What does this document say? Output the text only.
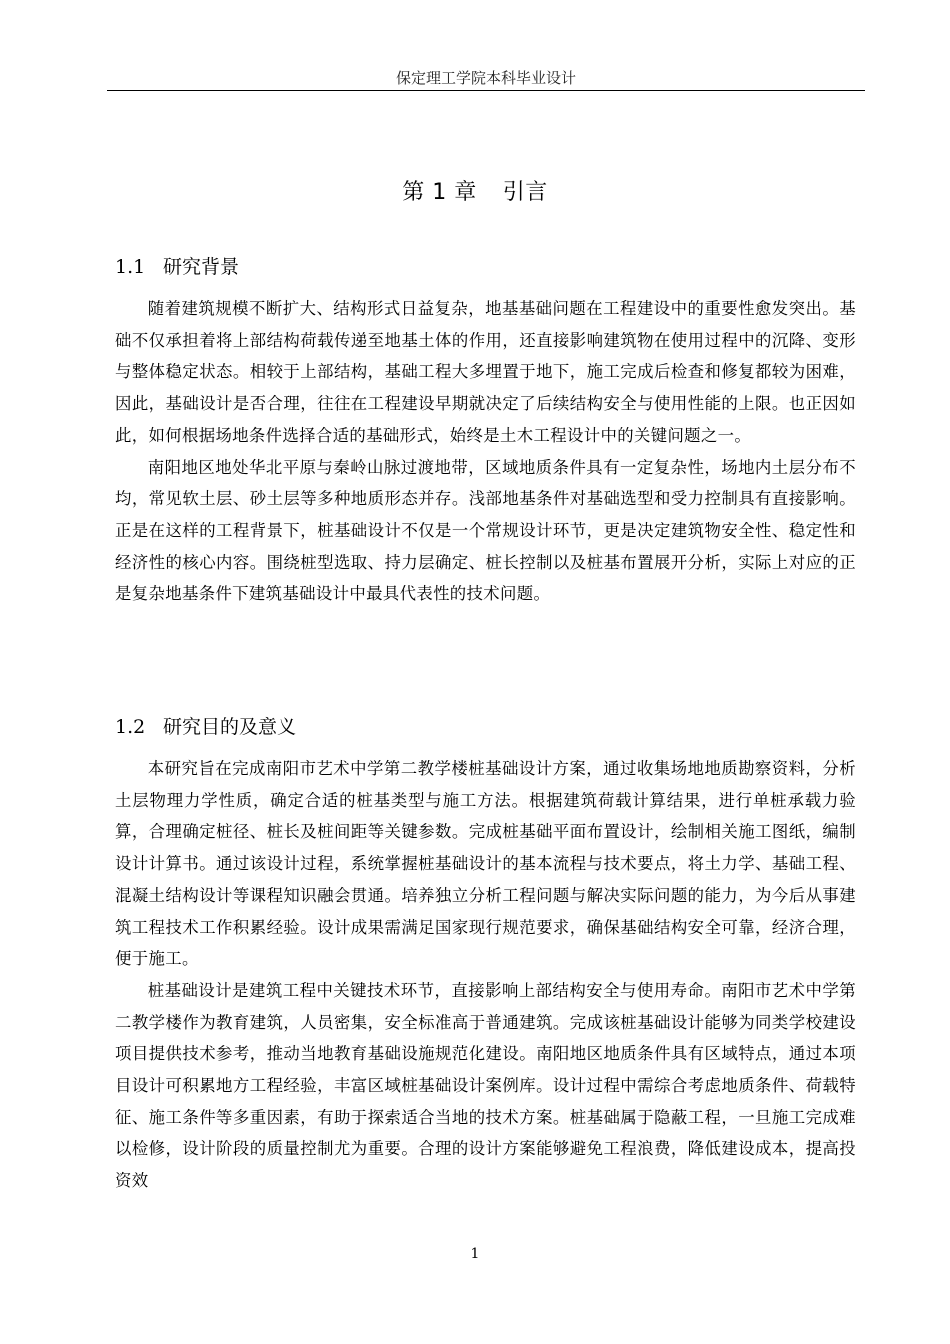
保定理工学院本科毕业设计
第 1 章 引言
1.1 研究背景

随着建筑规模不断扩大、结构形式日益复杂，地基基础问题在工程建设中的重要性愈发突出。基础不仅承担着将上部结构荷载传递至地基土体的作用，还直接影响建筑物在使用过程中的沉降、变形与整体稳定状态。相较于上部结构，基础工程大多埋置于地下，施工完成后检查和修复都较为困难，因此，基础设计是否合理，往往在工程建设早期就决定了后续结构安全与使用性能的上限。也正因如此，如何根据场地条件选择合适的基础形式，始终是土木工程设计中的关键问题之一。

南阳地区地处华北平原与秦岭山脉过渡地带，区域地质条件具有一定复杂性，场地内土层分布不均，常见软土层、砂土层等多种地质形态并存。浅部地基条件对基础选型和受力控制具有直接影响。正是在这样的工程背景下，桩基础设计不仅是一个常规设计环节，更是决定建筑物安全性、稳定性和经济性的核心内容。围绕桩型选取、持力层确定、桩长控制以及桩基布置展开分析，实际上对应的正是复杂地基条件下建筑基础设计中最具代表性的技术问题。

1.2 研究目的及意义

本研究旨在完成南阳市艺术中学第二教学楼桩基础设计方案，通过收集场地地质勘察资料，分析土层物理力学性质，确定合适的桩基类型与施工方法。根据建筑荷载计算结果，进行单桩承载力验算，合理确定桩径、桩长及桩间距等关键参数。完成桩基础平面布置设计，绘制相关施工图纸，编制设计计算书。通过该设计过程，系统掌握桩基础设计的基本流程与技术要点，将土力学、基础工程、混凝土结构设计等课程知识融会贯通。培养独立分析工程问题与解决实际问题的能力，为今后从事建筑工程技术工作积累经验。设计成果需满足国家现行规范要求，确保基础结构安全可靠，经济合理，便于施工。

桩基础设计是建筑工程中关键技术环节，直接影响上部结构安全与使用寿命。南阳市艺术中学第二教学楼作为教育建筑，人员密集，安全标准高于普通建筑。完成该桩基础设计能够为同类学校建设项目提供技术参考，推动当地教育基础设施规范化建设。南阳地区地质条件具有区域特点，通过本项目设计可积累地方工程经验，丰富区域桩基础设计案例库。设计过程中需综合考虑地质条件、荷载特征、施工条件等多重因素，有助于探索适合当地的技术方案。桩基础属于隐蔽工程，一旦施工完成难以检修，设计阶段的质量控制尤为重要。合理的设计方案能够避免工程浪费，降低建设成本，提高投资效

1
